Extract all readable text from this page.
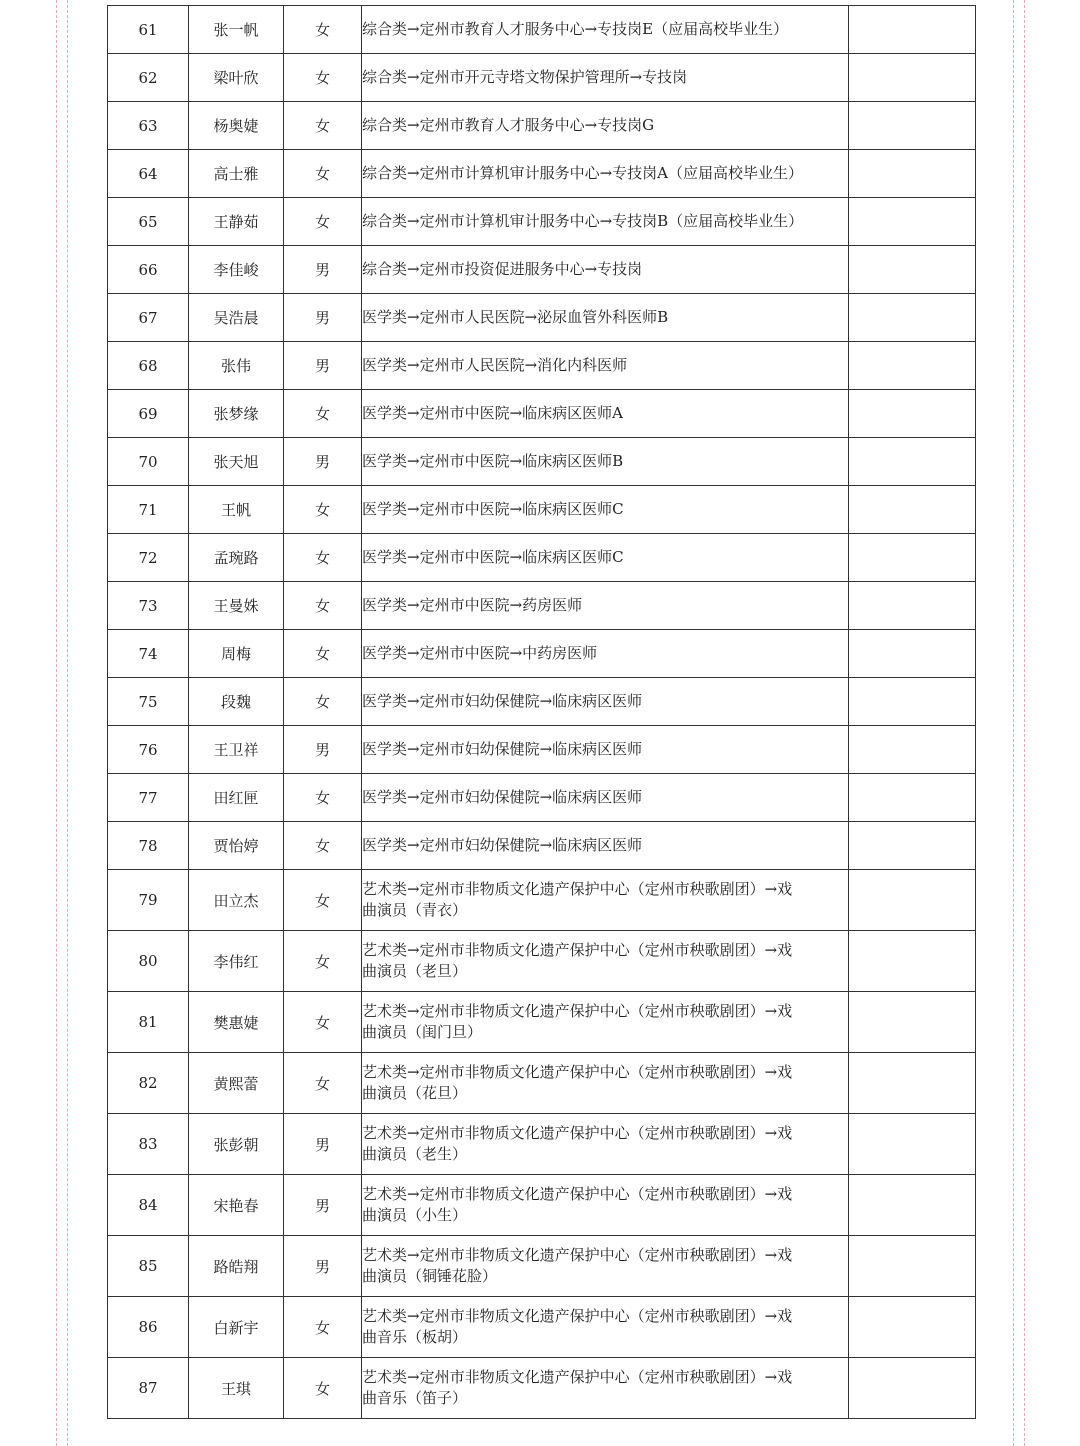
61	张一帆	女	综合类→定州市教育人才服务中心→专技岗E（应届高校毕业生）	

62	梁叶欣	女	综合类→定州市开元寺塔文物保护管理所→专技岗	

63	杨奥婕	女	综合类→定州市教育人才服务中心→专技岗G	

64	高士雅	女	综合类→定州市计算机审计服务中心→专技岗A（应届高校毕业生）	

65	王静茹	女	综合类→定州市计算机审计服务中心→专技岗B（应届高校毕业生）	

66	李佳峻	男	综合类→定州市投资促进服务中心→专技岗	

67	吴浩晨	男	医学类→定州市人民医院→泌尿血管外科医师B	

68	张伟	男	医学类→定州市人民医院→消化内科医师	

69	张梦缘	女	医学类→定州市中医院→临床病区医师A	

70	张天旭	男	医学类→定州市中医院→临床病区医师B	

71	王帆	女	医学类→定州市中医院→临床病区医师C	

72	孟琬路	女	医学类→定州市中医院→临床病区医师C	

73	王曼姝	女	医学类→定州市中医院→药房医师	

74	周梅	女	医学类→定州市中医院→中药房医师	

75	段魏	女	医学类→定州市妇幼保健院→临床病区医师	

76	王卫祥	男	医学类→定州市妇幼保健院→临床病区医师	

77	田红匣	女	医学类→定州市妇幼保健院→临床病区医师	

78	贾怡婷	女	医学类→定州市妇幼保健院→临床病区医师	

79	田立杰	女	艺术类→定州市非物质文化遗产保护中心（定州市秧歌剧团）→戏
曲演员（青衣）	

80	李伟红	女	艺术类→定州市非物质文化遗产保护中心（定州市秧歌剧团）→戏
曲演员（老旦）	

81	樊惠婕	女	艺术类→定州市非物质文化遗产保护中心（定州市秧歌剧团）→戏
曲演员（闺门旦）	

82	黄熙蕾	女	艺术类→定州市非物质文化遗产保护中心（定州市秧歌剧团）→戏
曲演员（花旦）	

83	张彭朝	男	艺术类→定州市非物质文化遗产保护中心（定州市秧歌剧团）→戏
曲演员（老生）	

84	宋艳春	男	艺术类→定州市非物质文化遗产保护中心（定州市秧歌剧团）→戏
曲演员（小生）	

85	路皓翔	男	艺术类→定州市非物质文化遗产保护中心（定州市秧歌剧团）→戏
曲演员（铜锤花脸）	

86	白新宇	女	艺术类→定州市非物质文化遗产保护中心（定州市秧歌剧团）→戏
曲音乐（板胡）	

87	王琪	女	艺术类→定州市非物质文化遗产保护中心（定州市秧歌剧团）→戏
曲音乐（笛子）	
